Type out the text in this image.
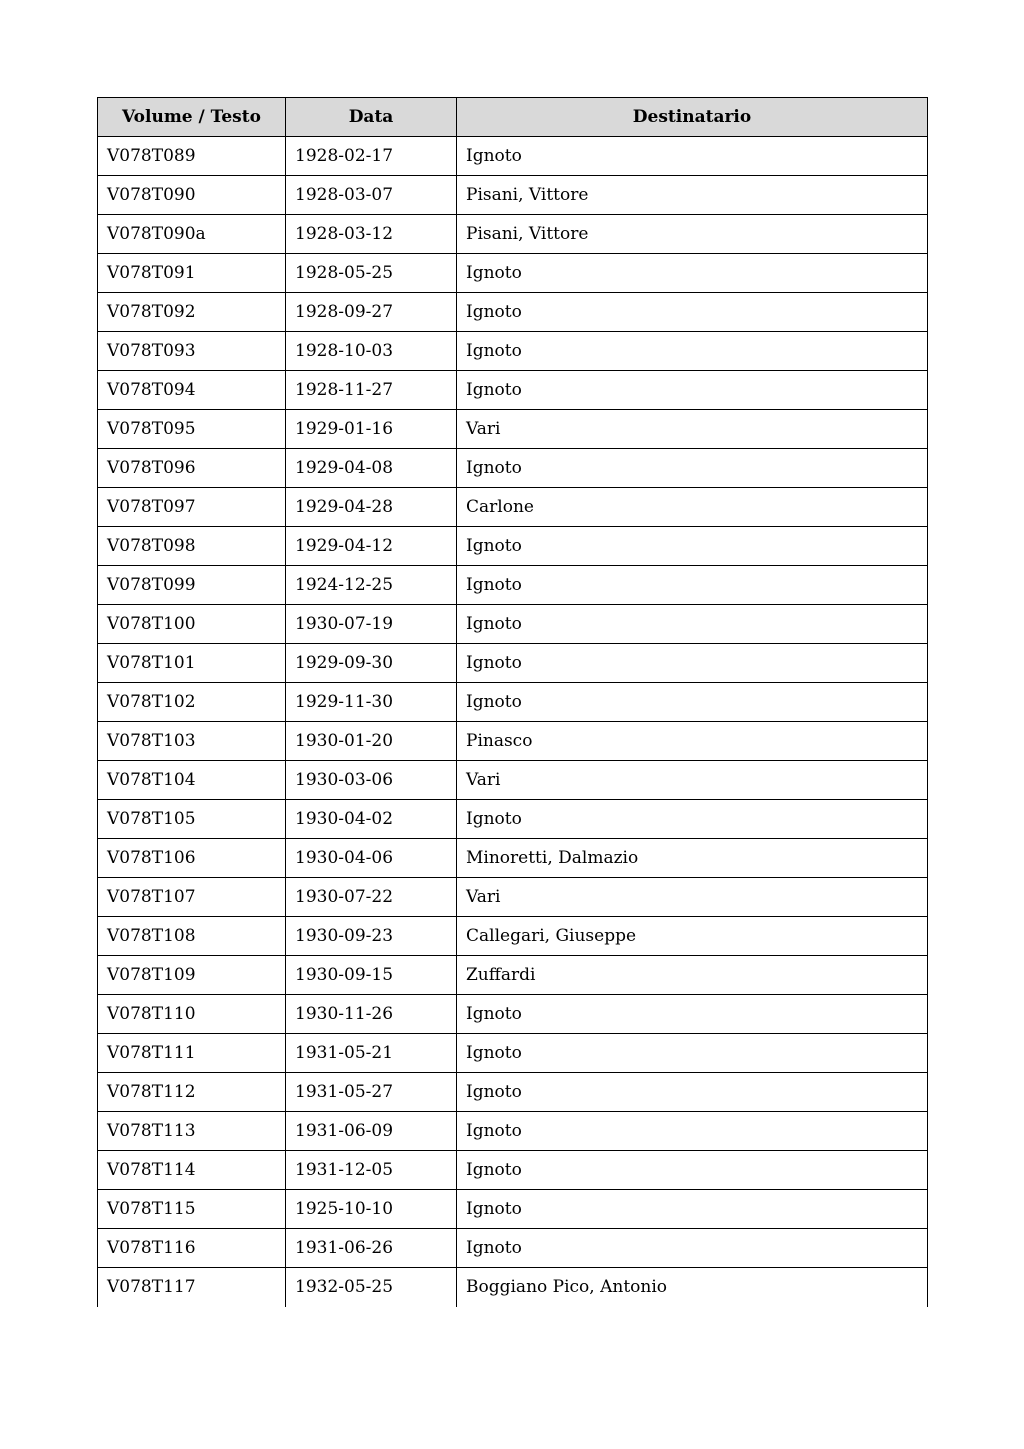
Volume / Testo	Data	Destinatario
V078T089	1928-02-17	Ignoto
V078T090	1928-03-07	Pisani, Vittore
V078T090a	1928-03-12	Pisani, Vittore
V078T091	1928-05-25	Ignoto
V078T092	1928-09-27	Ignoto
V078T093	1928-10-03	Ignoto
V078T094	1928-11-27	Ignoto
V078T095	1929-01-16	Vari
V078T096	1929-04-08	Ignoto
V078T097	1929-04-28	Carlone
V078T098	1929-04-12	Ignoto
V078T099	1924-12-25	Ignoto
V078T100	1930-07-19	Ignoto
V078T101	1929-09-30	Ignoto
V078T102	1929-11-30	Ignoto
V078T103	1930-01-20	Pinasco
V078T104	1930-03-06	Vari
V078T105	1930-04-02	Ignoto
V078T106	1930-04-06	Minoretti, Dalmazio
V078T107	1930-07-22	Vari
V078T108	1930-09-23	Callegari, Giuseppe
V078T109	1930-09-15	Zuffardi
V078T110	1930-11-26	Ignoto
V078T111	1931-05-21	Ignoto
V078T112	1931-05-27	Ignoto
V078T113	1931-06-09	Ignoto
V078T114	1931-12-05	Ignoto
V078T115	1925-10-10	Ignoto
V078T116	1931-06-26	Ignoto
V078T117	1932-05-25	Boggiano Pico, Antonio
